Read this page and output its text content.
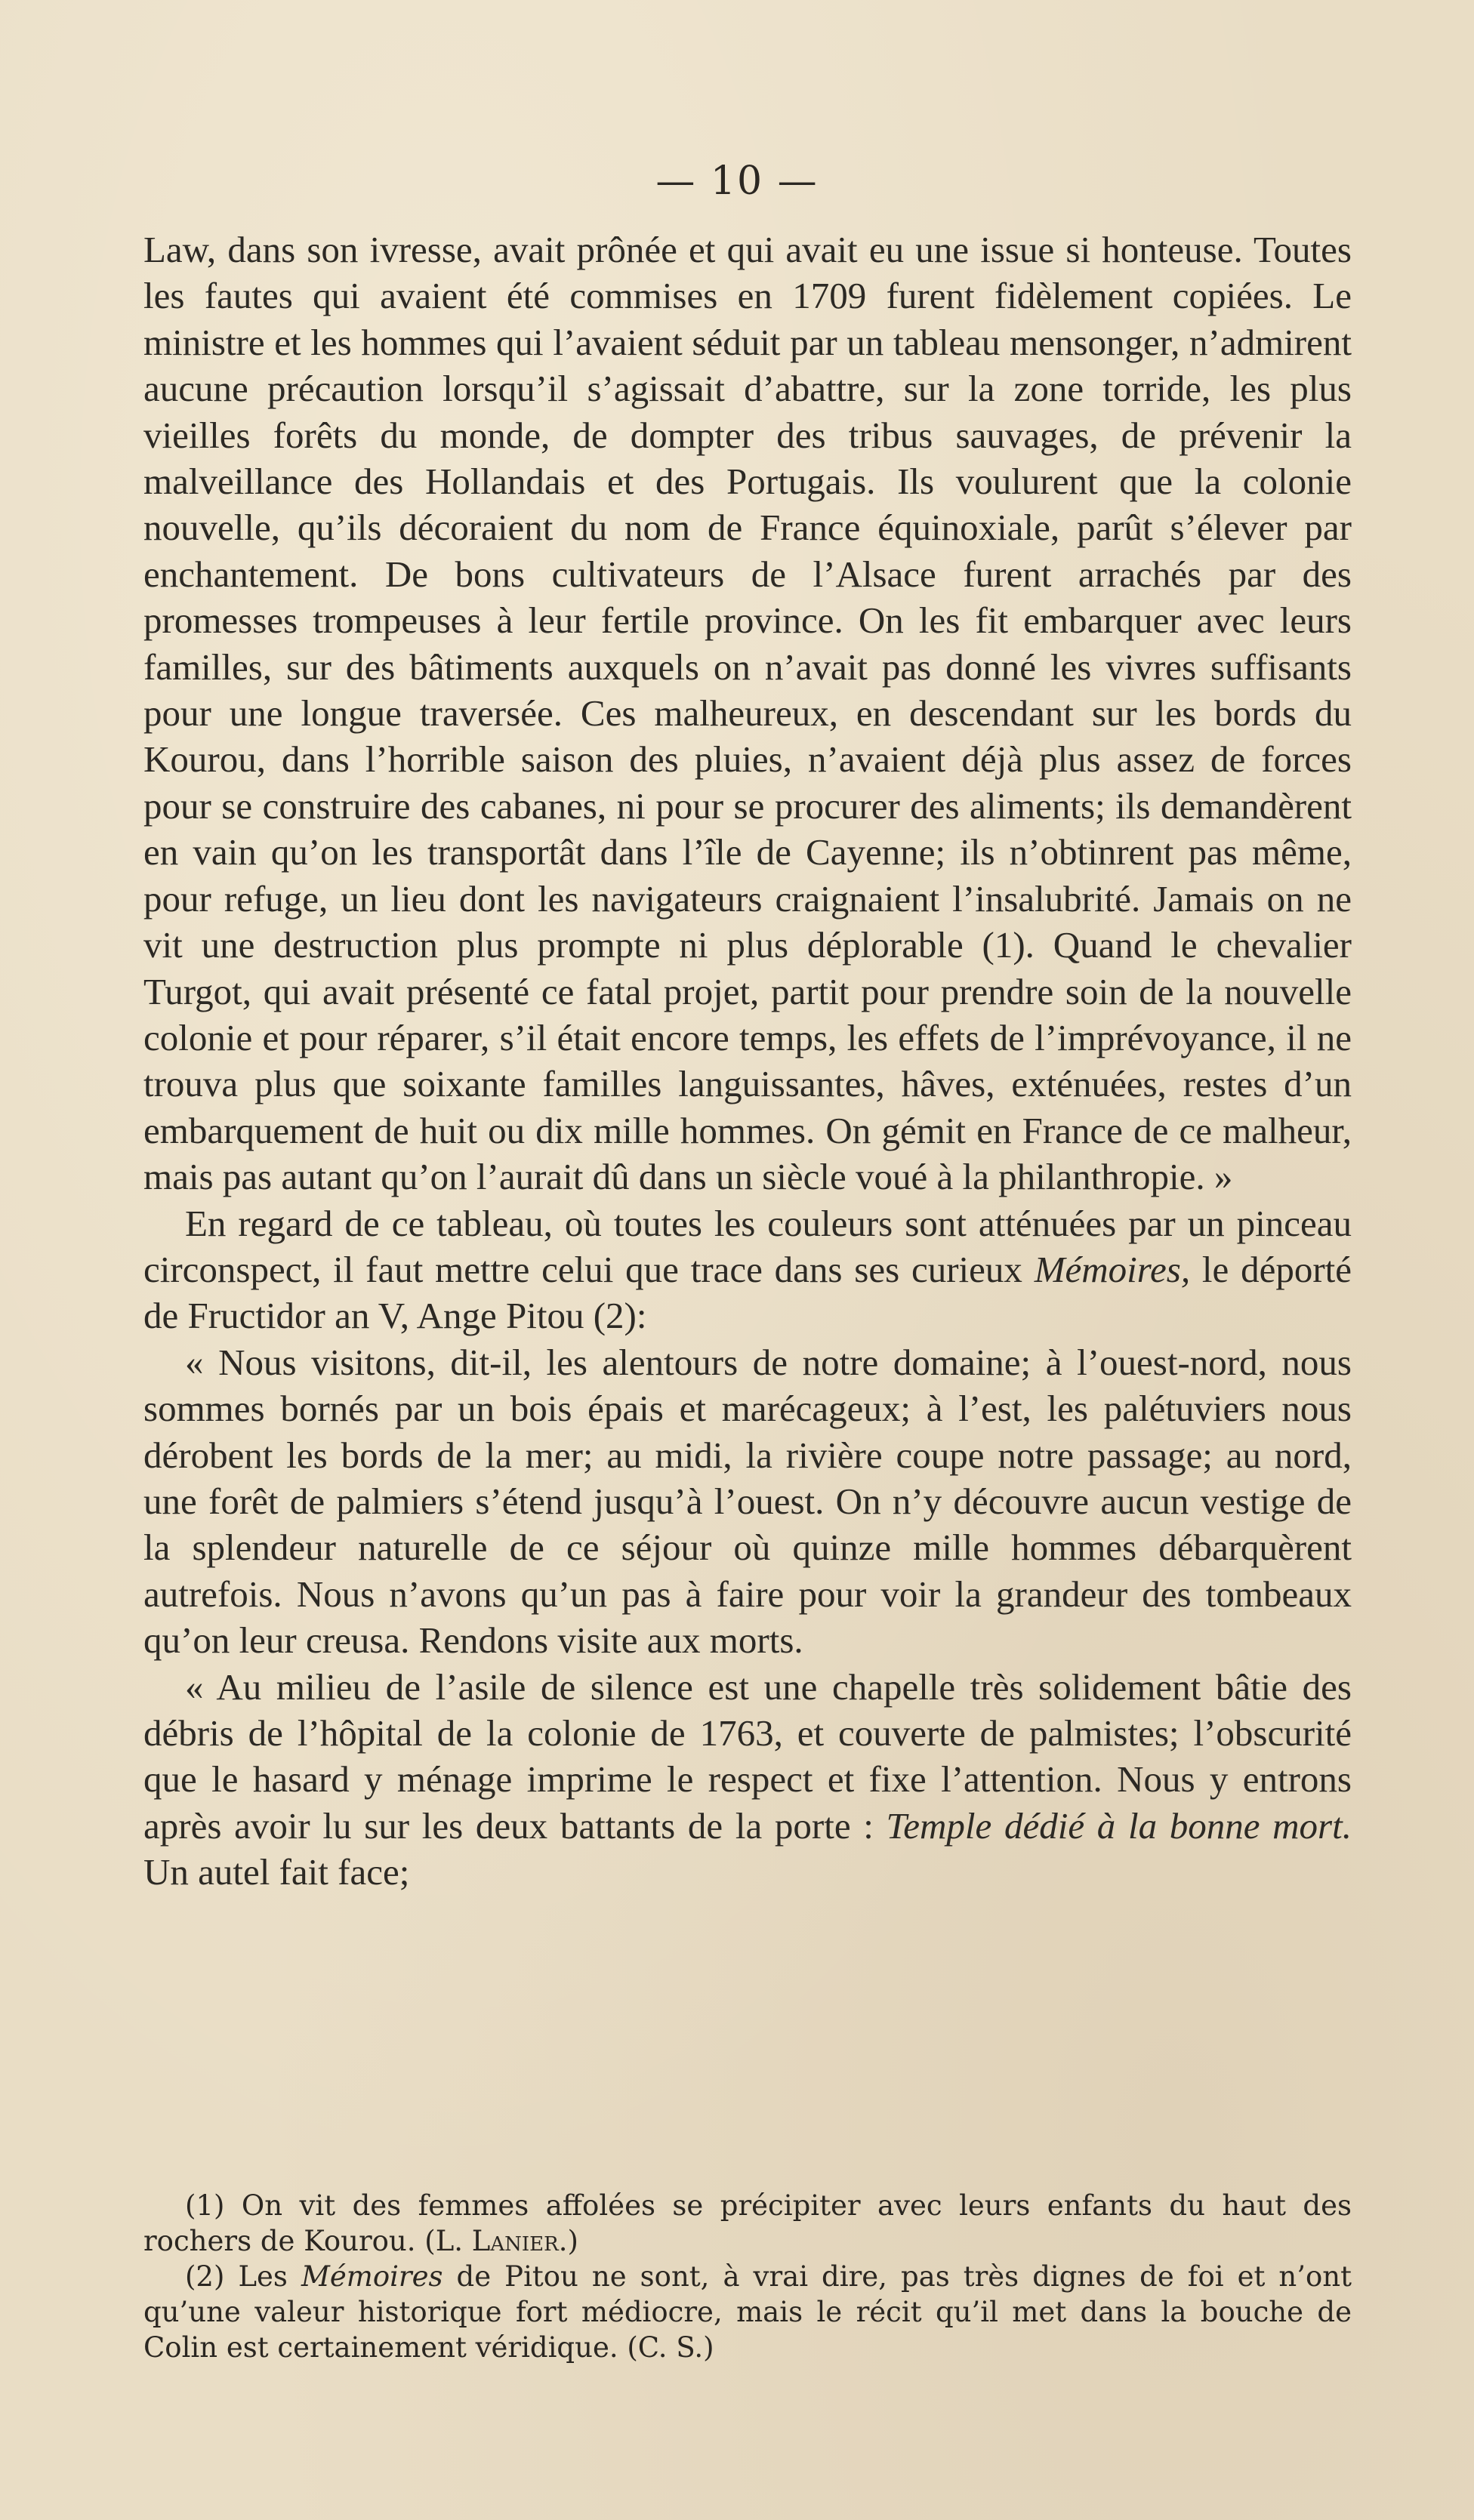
— 10 —

Law, dans son ivresse, avait prônée et qui avait eu une issue si honteuse. Toutes les fautes qui avaient été commises en 1709 furent fidèlement copiées. Le ministre et les hommes qui l’avaient séduit par un tableau mensonger, n’admirent aucune précaution lorsqu’il s’agissait d’abattre, sur la zone torride, les plus vieilles forêts du monde, de dompter des tribus sauvages, de prévenir la malveillance des Hollandais et des Portugais. Ils voulurent que la colonie nouvelle, qu’ils décoraient du nom de France équinoxiale, parût s’élever par enchantement. De bons cultivateurs de l’Alsace furent arrachés par des promesses trompeuses à leur fertile province. On les fit embarquer avec leurs familles, sur des bâtiments auxquels on n’avait pas donné les vivres suffisants pour une longue traversée. Ces malheureux, en descendant sur les bords du Kourou, dans l’horrible saison des pluies, n’avaient déjà plus assez de forces pour se construire des cabanes, ni pour se procurer des aliments; ils demandèrent en vain qu’on les transportât dans l’île de Cayenne; ils n’obtinrent pas même, pour refuge, un lieu dont les navigateurs craignaient l’insalubrité. Jamais on ne vit une destruction plus prompte ni plus déplorable (1). Quand le chevalier Turgot, qui avait présenté ce fatal projet, partit pour prendre soin de la nouvelle colonie et pour réparer, s’il était encore temps, les effets de l’imprévoyance, il ne trouva plus que soixante familles languissantes, hâves, exténuées, restes d’un embarquement de huit ou dix mille hommes. On gémit en France de ce malheur, mais pas autant qu’on l’aurait dû dans un siècle voué à la philanthropie. »

En regard de ce tableau, où toutes les couleurs sont atténuées par un pinceau circonspect, il faut mettre celui que trace dans ses curieux Mémoires, le déporté de Fructidor an V, Ange Pitou (2):

« Nous visitons, dit-il, les alentours de notre domaine; à l’ouest-nord, nous sommes bornés par un bois épais et marécageux; à l’est, les palétuviers nous dérobent les bords de la mer; au midi, la rivière coupe notre passage; au nord, une forêt de palmiers s’étend jusqu’à l’ouest. On n’y découvre aucun vestige de la splendeur naturelle de ce séjour où quinze mille hommes débarquèrent autrefois. Nous n’avons qu’un pas à faire pour voir la grandeur des tombeaux qu’on leur creusa. Rendons visite aux morts.

« Au milieu de l’asile de silence est une chapelle très solidement bâtie des débris de l’hôpital de la colonie de 1763, et couverte de palmistes; l’obscurité que le hasard y ménage imprime le respect et fixe l’attention. Nous y entrons après avoir lu sur les deux battants de la porte : Temple dédié à la bonne mort. Un autel fait face;

(1) On vit des femmes affolées se précipiter avec leurs enfants du haut des rochers de Kourou. (L. Lanier.)

(2) Les Mémoires de Pitou ne sont, à vrai dire, pas très dignes de foi et n’ont qu’une valeur historique fort médiocre, mais le récit qu’il met dans la bouche de Colin est certainement véridique. (C. S.)
